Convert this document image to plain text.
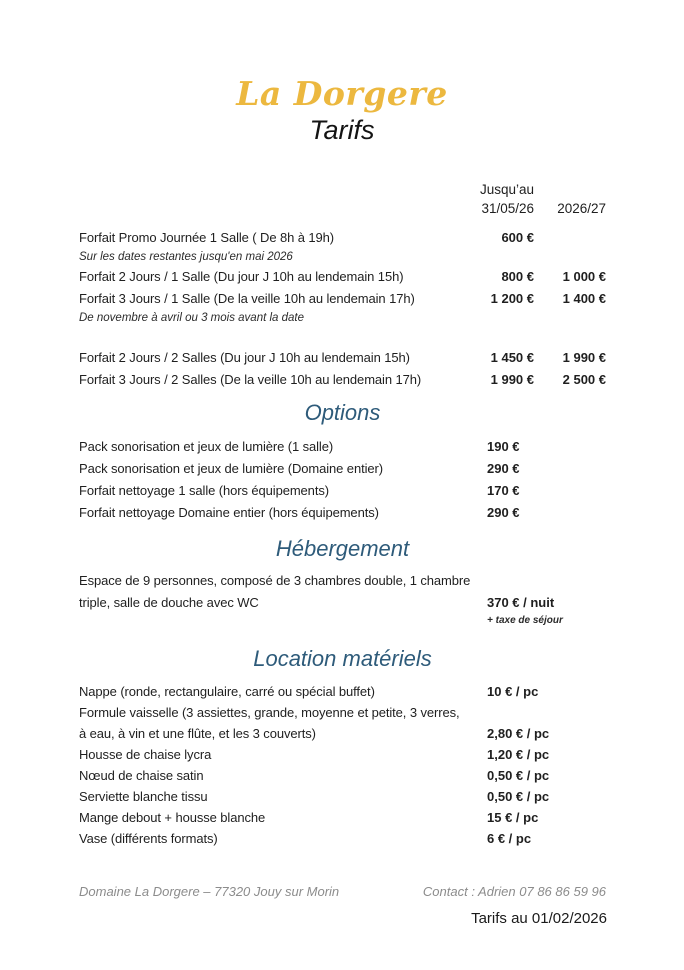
La Dorgere
Tarifs
Jusqu’au
31/05/26	2026/27
Forfait Promo Journée 1 Salle ( De 8h à 19h)	600 €
Sur les dates restantes jusqu'en mai 2026
Forfait 2 Jours / 1 Salle (Du jour J 10h au lendemain 15h)	800 €	1 000 €
Forfait 3 Jours / 1 Salle (De la veille 10h au lendemain 17h)	1 200 €	1 400 €
De novembre à avril ou 3 mois avant la date
Forfait 2 Jours / 2 Salles (Du jour J 10h au lendemain 15h)	1 450 €	1 990 €
Forfait 3 Jours / 2 Salles (De la veille 10h au lendemain 17h)	1 990 €	2 500 €
Options
Pack sonorisation et jeux de lumière (1 salle)	190 €
Pack sonorisation et jeux de lumière (Domaine entier)	290 €
Forfait nettoyage 1 salle (hors équipements)	170 €
Forfait nettoyage Domaine entier (hors équipements)	290 €
Hébergement
Espace de 9 personnes, composé de 3 chambres double, 1 chambre
triple, salle de douche avec WC	370 € / nuit
+ taxe de séjour
Location matériels
Nappe (ronde, rectangulaire, carré ou spécial buffet)	10 € / pc
Formule vaisselle (3 assiettes, grande, moyenne et petite, 3 verres,
à eau, à vin et une flûte, et les 3 couverts)	2,80 € / pc
Housse de chaise lycra	1,20 € / pc
Nœud de chaise satin	0,50 € / pc
Serviette blanche tissu	0,50 € / pc
Mange debout + housse blanche	15 € / pc
Vase (différents formats)	6 € / pc
Domaine La Dorgere – 77320 Jouy sur Morin	Contact : Adrien 07 86 86 59 96
Tarifs au 01/02/2026
